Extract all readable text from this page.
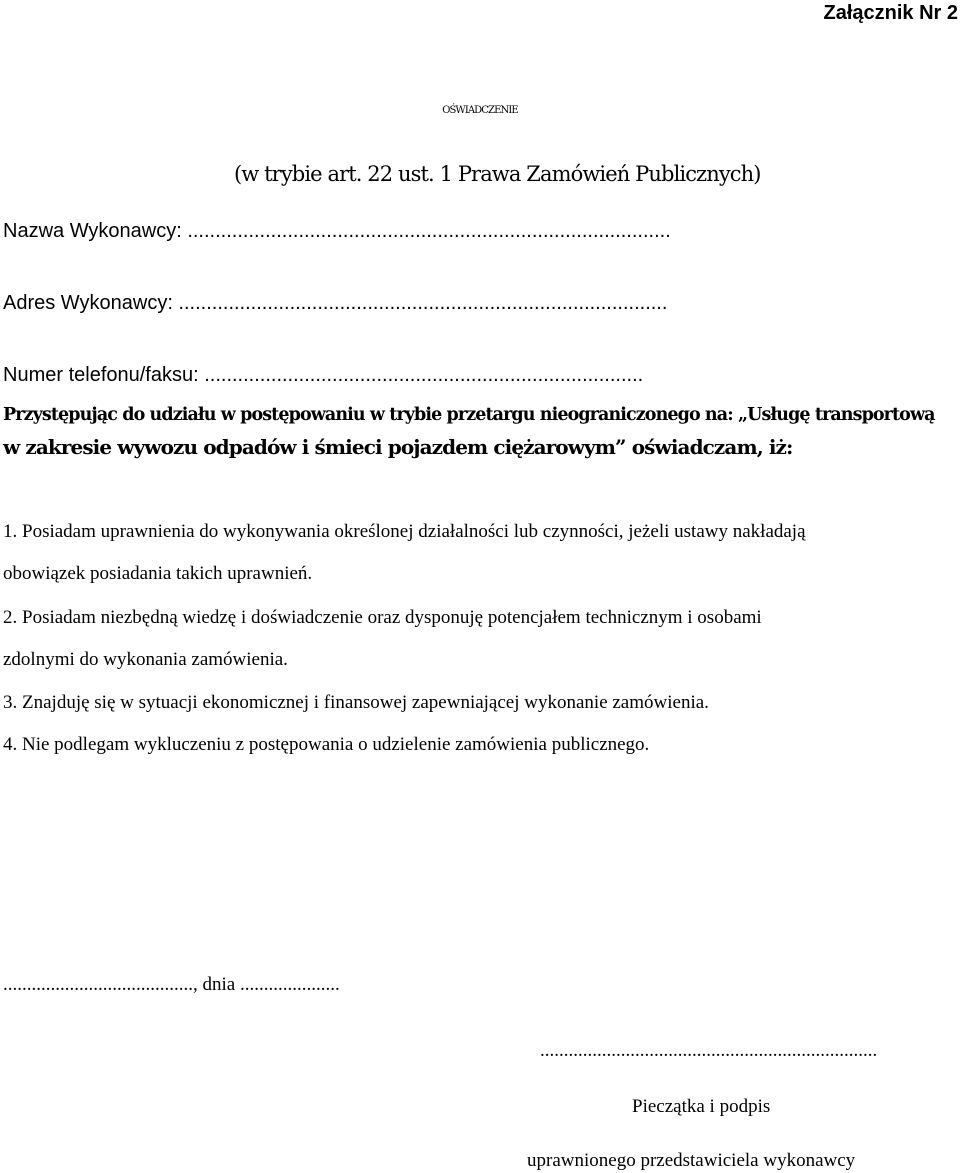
Załącznik Nr 2
OŚWIADCZENIE
(w trybie art. 22 ust. 1 Prawa Zamówień Publicznych)
Nazwa Wykonawcy: .......................................................................................
Adres Wykonawcy: ........................................................................................
Numer telefonu/faksu: ...............................................................................
Przystępując do udziału w postępowaniu w trybie przetargu nieograniczonego na: „Usługę transportową
w zakresie wywozu odpadów i śmieci pojazdem ciężarowym” oświadczam, iż:
1. Posiadam uprawnienia do wykonywania określonej działalności lub czynności, jeżeli ustawy nakładają
obowiązek posiadania takich uprawnień.
2. Posiadam niezbędną wiedzę i doświadczenie oraz dysponuję potencjałem technicznym i osobami
zdolnymi do wykonania zamówienia.
3. Znajduję się w sytuacji ekonomicznej i finansowej zapewniającej wykonanie zamówienia.
4. Nie podlegam wykluczeniu z postępowania o udzielenie zamówienia publicznego.
........................................, dnia .....................
.......................................................................
Pieczątka i podpis
uprawnionego przedstawiciela wykonawcy
